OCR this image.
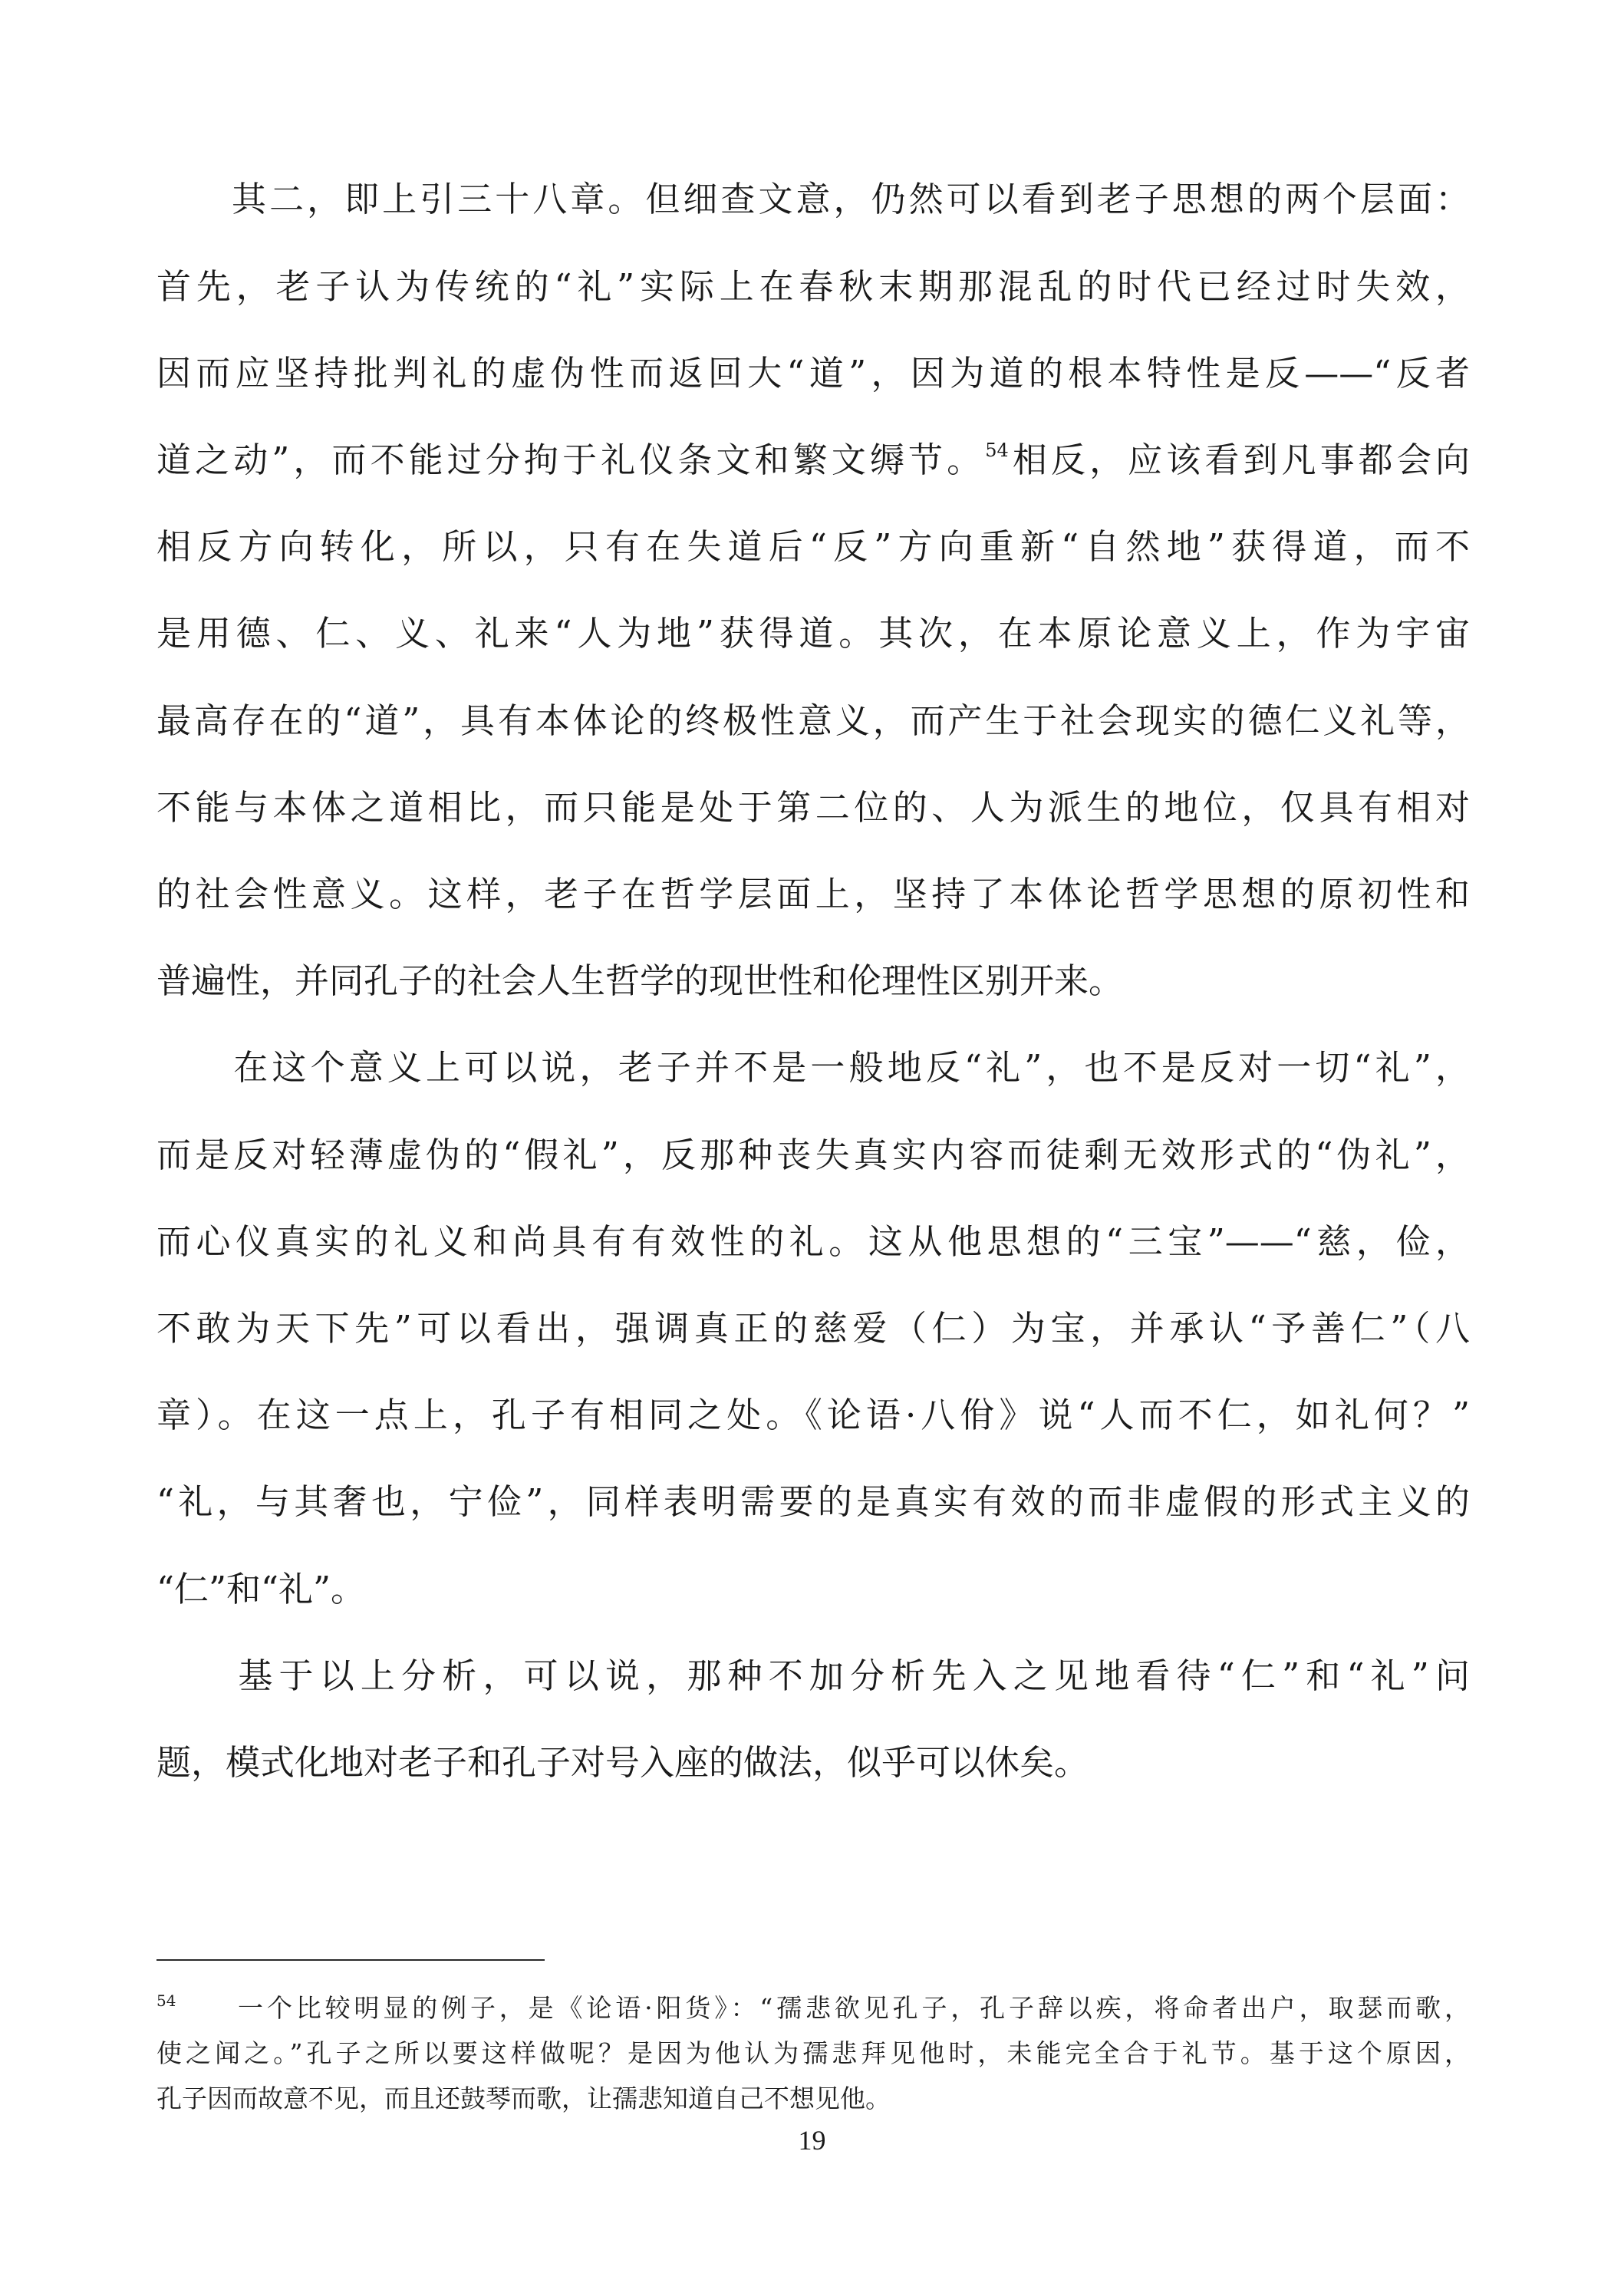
　　其二，即上引三十八章。但细查文意，仍然可以看到老子思想的两个层面：
首先，老子认为传统的“礼”实际上在春秋末期那混乱的时代已经过时失效，
因而应坚持批判礼的虚伪性而返回大“道”，因为道的根本特性是反——“反者
道之动”，而不能过分拘于礼仪条文和繁文缛节。$^{54}$相反，应该看到凡事都会向
相反方向转化，所以，只有在失道后“反”方向重新“自然地”获得道，而不
是用德、仁、义、礼来“人为地”获得道。其次，在本原论意义上，作为宇宙
最高存在的“道”，具有本体论的终极性意义，而产生于社会现实的德仁义礼等，
不能与本体之道相比，而只能是处于第二位的、人为派生的地位，仅具有相对
的社会性意义。这样，老子在哲学层面上，坚持了本体论哲学思想的原初性和
普遍性，并同孔子的社会人生哲学的现世性和伦理性区别开来。
　　在这个意义上可以说，老子并不是一般地反“礼”，也不是反对一切“礼”，
而是反对轻薄虚伪的“假礼”，反那种丧失真实内容而徒剩无效形式的“伪礼”，
而心仪真实的礼义和尚具有有效性的礼。这从他思想的“三宝”——“慈，俭，
不敢为天下先”可以看出，强调真正的慈爱（仁）为宝，并承认“予善仁”（八
章）。在这一点上，孔子有相同之处。《论语·八佾》说“人而不仁，如礼何？”
“礼，与其奢也，宁俭”，同样表明需要的是真实有效的而非虚假的形式主义的
“仁”和“礼”。
　　基于以上分析，可以说，那种不加分析先入之见地看待“仁”和“礼”问
题，模式化地对老子和孔子对号入座的做法，似乎可以休矣。
$^{54}$　　一个比较明显的例子，是《论语·阳货》：“孺悲欲见孔子，孔子辞以疾，将命者出户，取瑟而歌，
使之闻之。”孔子之所以要这样做呢？是因为他认为孺悲拜见他时，未能完全合于礼节。基于这个原因，
孔子因而故意不见，而且还鼓琴而歌，让孺悲知道自己不想见他。
19
